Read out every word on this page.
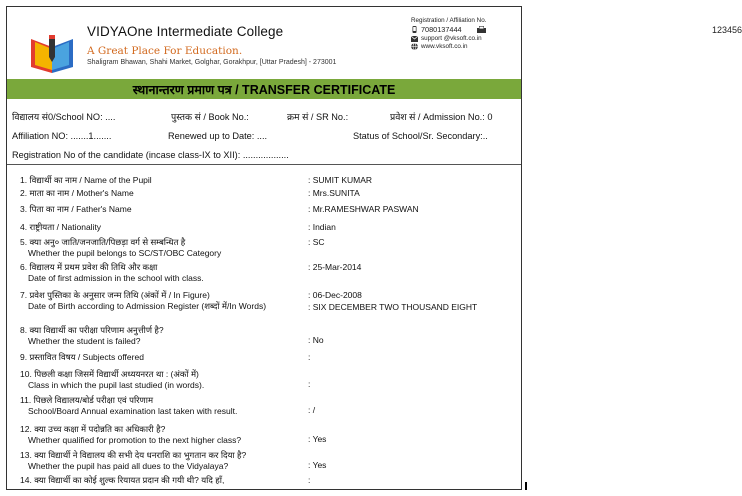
VIDYAOne Intermediate College
A Great Place For Education.
Shaligram Bhawan, Shahi Market, Golghar, Gorakhpur, [Uttar Pradesh] - 273001
Registration / Affiliation No.
123456
7080137444
support @vksoft.co.in
www.vksoft.co.in
स्थानान्तरण प्रमाण पत्र / TRANSFER CERTIFICATE
विद्यालय सं0/School NO: ....	पुस्तक सं / Book No.:	क्रम सं / SR No.:	प्रवेश सं / Admission No.: 0
Affiliation NO: .......1.......	Renewed up to Date: ....	Status of School/Sr. Secondary:..
Registration No of the candidate (incase class-IX to XII): ..................
1. विद्यार्थी का नाम / Name of the Pupil	: SUMIT KUMAR
2. माता का नाम / Mother's Name	: Mrs.SUNITA
3. पिता का नाम / Father's Name	: Mr.RAMESHWAR PASWAN
4. राष्ट्रीयता / Nationality	: Indian
5. क्या अनु० जाति/जनजाति/पिछड़ा वर्ग से सम्बन्धित है
Whether the pupil belongs to SC/ST/OBC Category
: SC
6. विद्यालय में प्रथम प्रवेश की तिथि और कक्षा
Date of first admission in the school with class.
: 25-Mar-2014
7. प्रवेश पुस्तिका के अनुसार जन्म तिथि (अंकों में / In Figure)
Date of Birth according to Admission Register (शब्दों में/In Words)
: 06-Dec-2008
: SIX DECEMBER TWO THOUSAND EIGHT
8. क्या विद्यार्थी का परीक्षा परिणाम अनुत्तीर्ण है?
Whether the student is failed?	: No
9. प्रस्तावित विषय / Subjects offered	:
10. पिछली कक्षा जिसमें विद्यार्थी अध्ययनरत था : (अंकों में)
Class in which the pupil last studied (in words).	:
11. पिछले विद्यालय/बोर्ड परीक्षा एवं परिणाम
School/Board Annual examination last taken with result.	: /
12. क्या उच्च कक्षा में पदोन्नति का अधिकारी है?
Whether qualified for promotion to the next higher class?	: Yes
13. क्या विद्यार्थी ने विद्यालय की सभी देय धनराशि का भुगतान कर दिया है?
Whether the pupil has paid all dues to the Vidyalaya?	: Yes
14. क्या विद्यार्थी का कोई शुल्क रियायत प्रदान की गयी थी? यदि हाँ,	:
